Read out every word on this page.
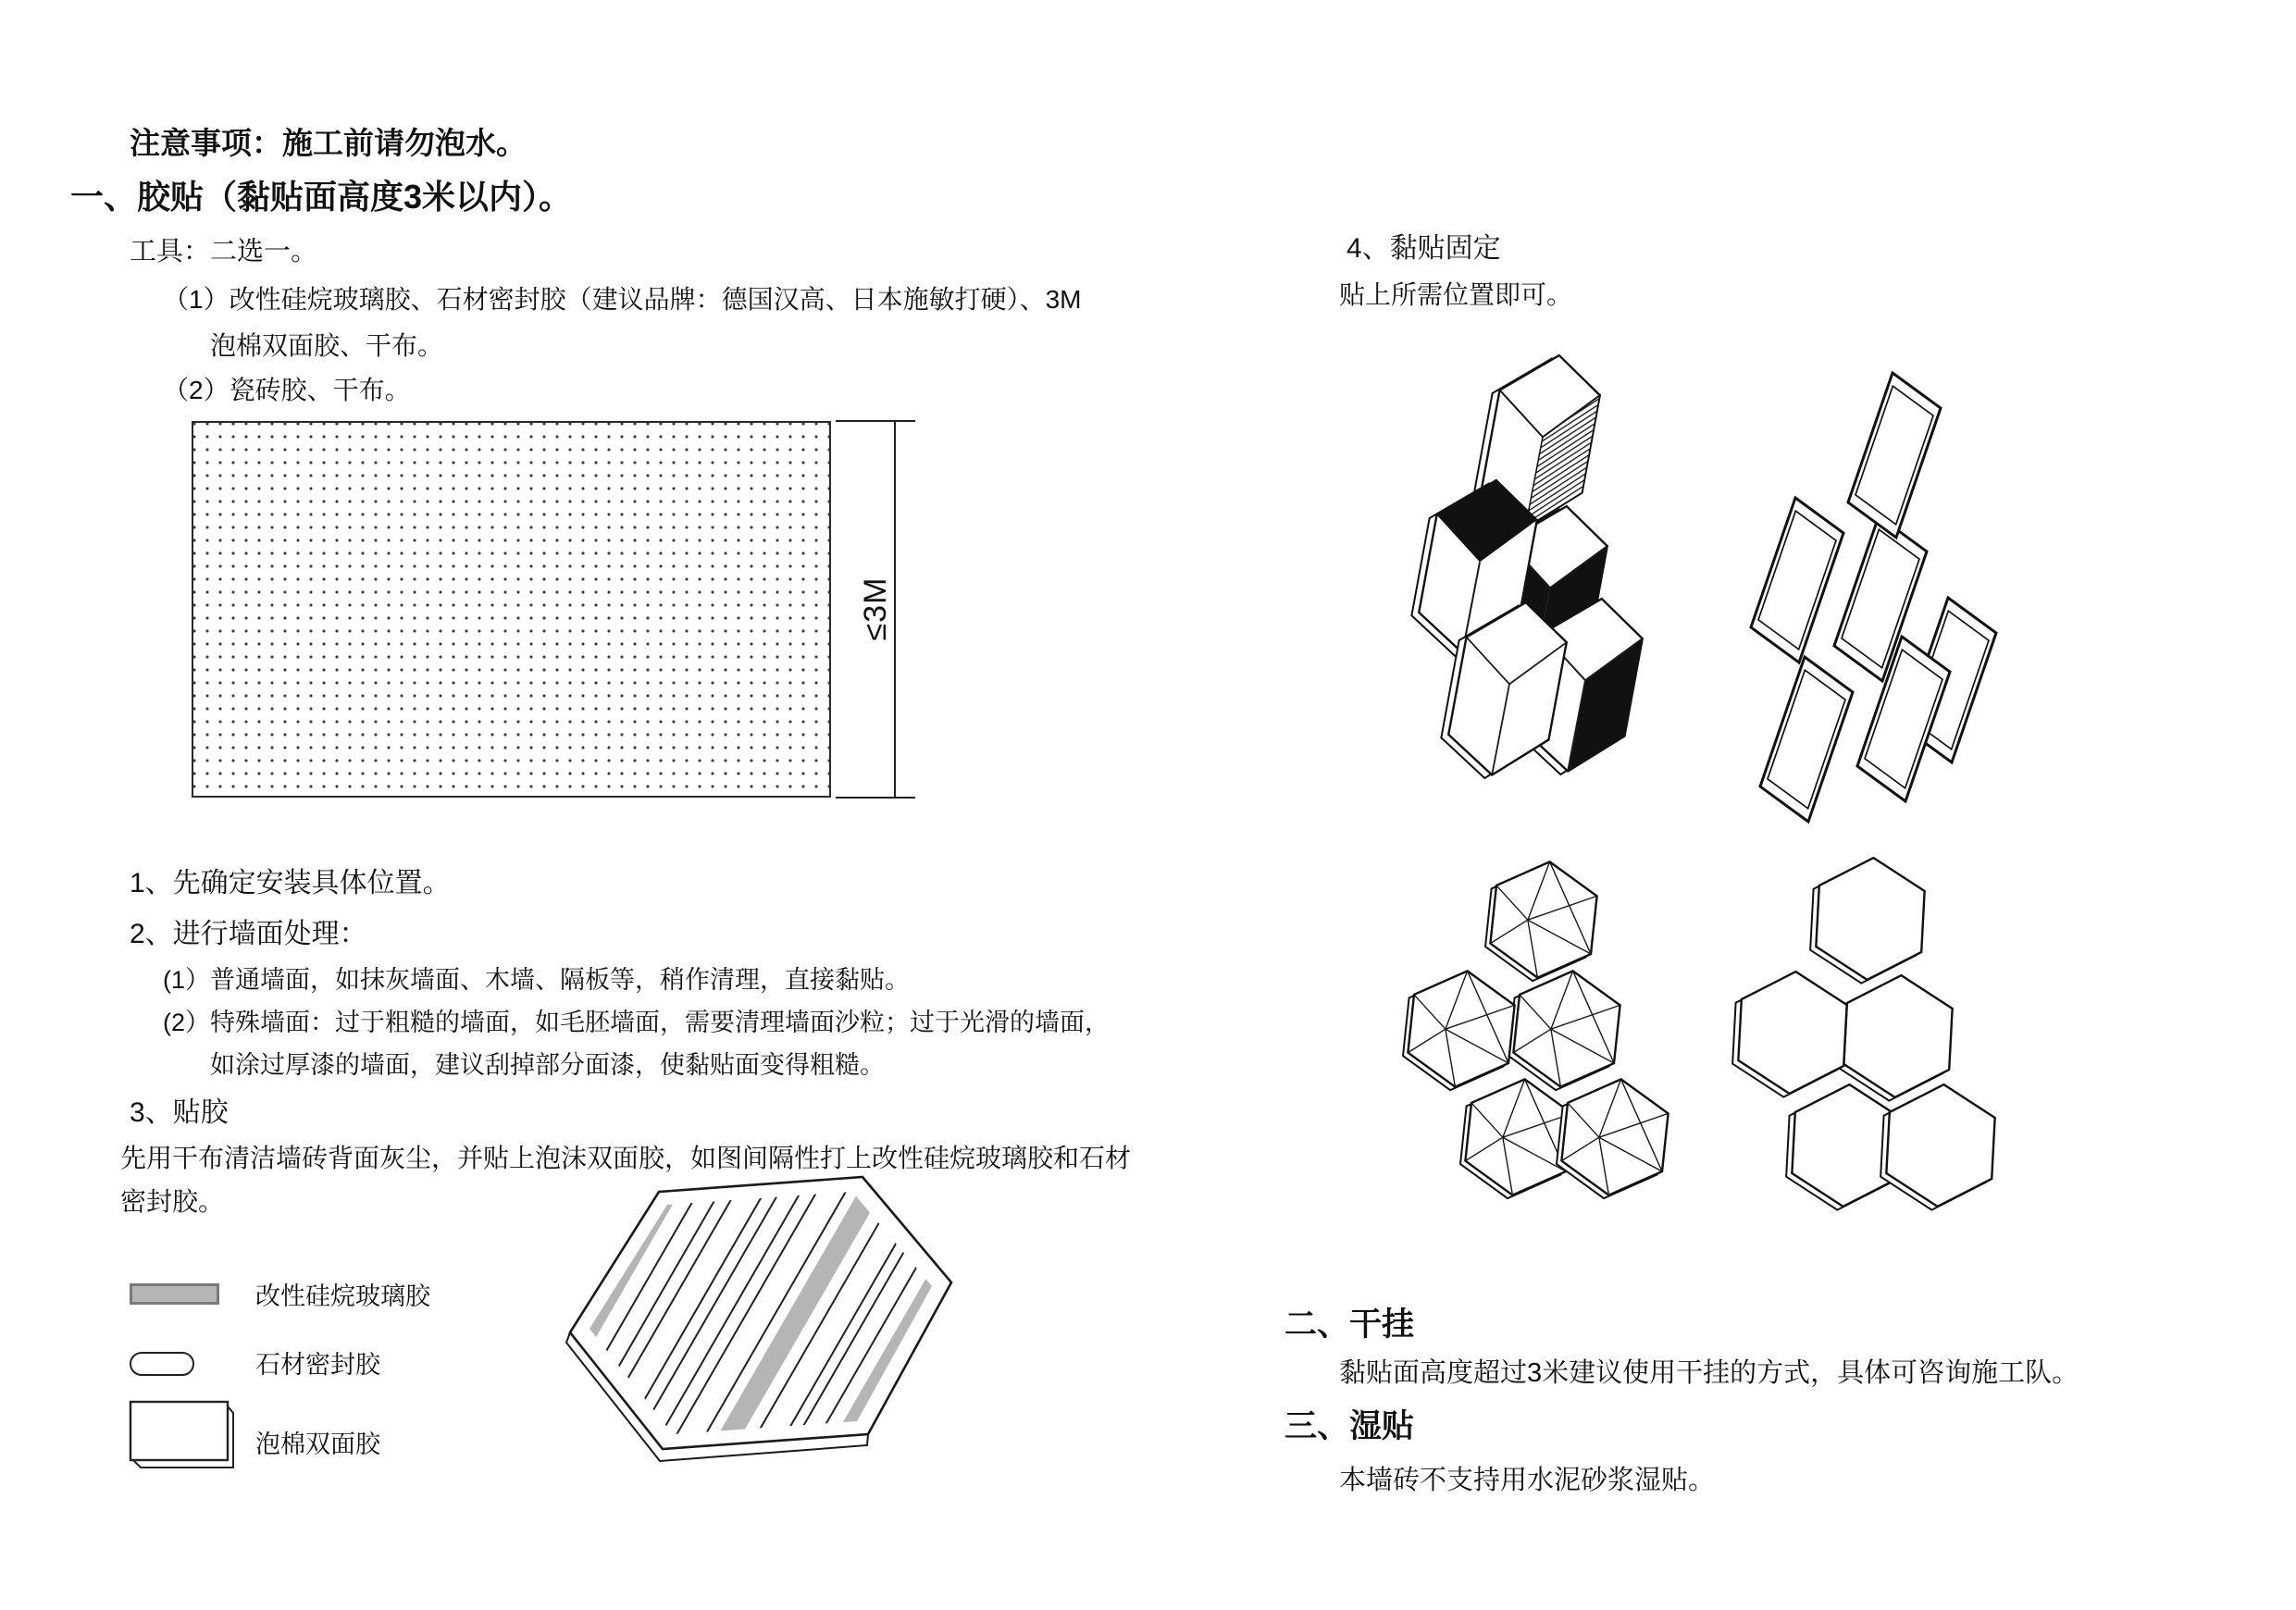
注意事项：施工前请勿泡水。
一、胶贴（黏贴面高度3米以内）。
工具：二选一。
（1）改性硅烷玻璃胶、石材密封胶（建议品牌：德国汉高、日本施敏打硬）、3M
泡棉双面胶、干布。
（2）瓷砖胶、干布。
≤3M
1、先确定安装具体位置。
2、进行墙面处理：
(1）普通墙面，如抹灰墙面、木墙、隔板等，稍作清理，直接黏贴。
(2）特殊墙面：过于粗糙的墙面，如毛胚墙面，需要清理墙面沙粒；过于光滑的墙面，
如涂过厚漆的墙面，建议刮掉部分面漆，使黏贴面变得粗糙。
3、贴胶
先用干布清洁墙砖背面灰尘，并贴上泡沫双面胶，如图间隔性打上改性硅烷玻璃胶和石材
密封胶。
改性硅烷玻璃胶
石材密封胶
泡棉双面胶
4、黏贴固定
贴上所需位置即可。
二、干挂
黏贴面高度超过3米建议使用干挂的方式，具体可咨询施工队。
三、湿贴
本墙砖不支持用水泥砂浆湿贴。
